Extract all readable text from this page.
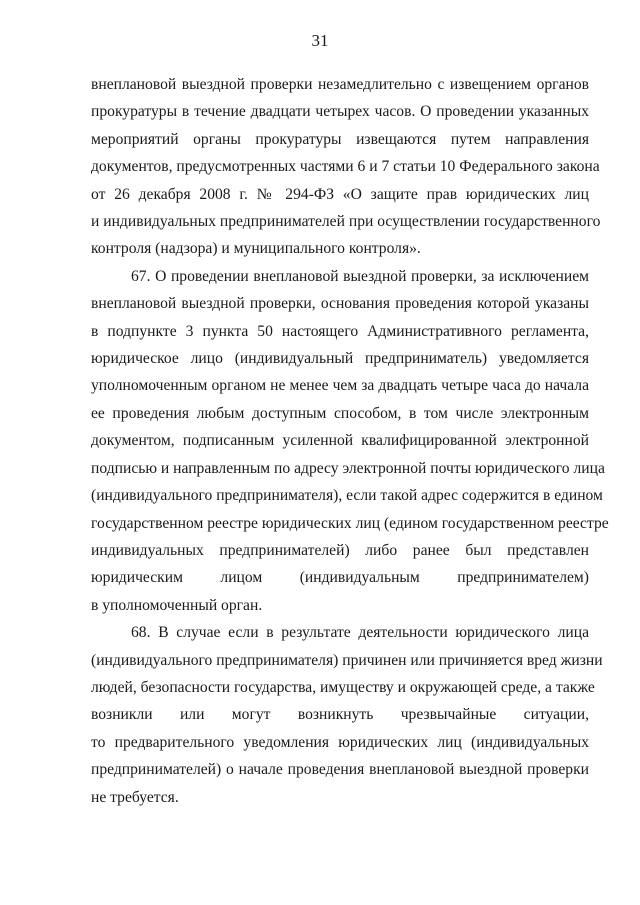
31

внеплановой выездной проверки незамедлительно с извещением органов
прокуратуры в течение двадцати четырех часов. О проведении указанных
мероприятий органы прокуратуры извещаются путем направления
документов, предусмотренных частями 6 и 7 статьи 10 Федерального закона
от 26 декабря 2008 г. № 294-ФЗ «О защите прав юридических лиц
и индивидуальных предпринимателей при осуществлении государственного
контроля (надзора) и муниципального контроля».

67. О проведении внеплановой выездной проверки, за исключением
внеплановой выездной проверки, основания проведения которой указаны
в подпункте 3 пункта 50 настоящего Административного регламента,
юридическое лицо (индивидуальный предприниматель) уведомляется
уполномоченным органом не менее чем за двадцать четыре часа до начала
ее проведения любым доступным способом, в том числе электронным
документом, подписанным усиленной квалифицированной электронной
подписью и направленным по адресу электронной почты юридического лица
(индивидуального предпринимателя), если такой адрес содержится в едином
государственном реестре юридических лиц (едином государственном реестре
индивидуальных предпринимателей) либо ранее был представлен
юридическим лицом (индивидуальным предпринимателем)
в уполномоченный орган.

68. В случае если в результате деятельности юридического лица
(индивидуального предпринимателя) причинен или причиняется вред жизни
людей, безопасности государства, имуществу и окружающей среде, а также
возникли или могут возникнуть чрезвычайные ситуации,
то предварительного уведомления юридических лиц (индивидуальных
предпринимателей) о начале проведения внеплановой выездной проверки
не требуется.
